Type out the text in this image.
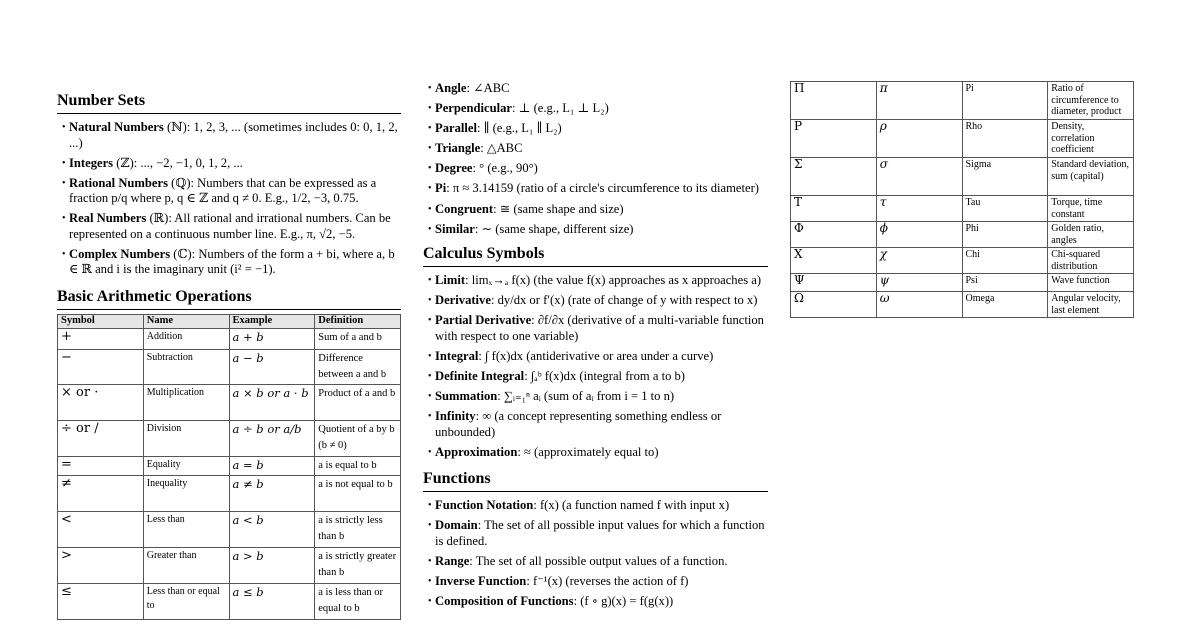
Number Sets
• Natural Numbers (ℕ): 1, 2, 3, ... (sometimes includes 0: 0, 1, 2, ...)
• Integers (ℤ): ..., −2, −1, 0, 1, 2, ...
• Rational Numbers (ℚ): Numbers that can be expressed as a fraction p/q where p, q ∈ ℤ and q ≠ 0. E.g., 1/2, −3, 0.75.
• Real Numbers (ℝ): All rational and irrational numbers. Can be represented on a continuous number line. E.g., π, √2, −5.
• Complex Numbers (ℂ): Numbers of the form a + bi, where a, b ∈ ℝ and i is the imaginary unit (i² = −1).
Basic Arithmetic Operations
Symbol	Name	Example	Definition
+	Addition	a + b	Sum of a and b
−	Subtraction	a − b	Difference between a and b
× or ·	Multiplication	a × b or a · b	Product of a and b
÷ or /	Division	a ÷ b or a/b	Quotient of a by b (b ≠ 0)
=	Equality	a = b	a is equal to b
≠	Inequality	a ≠ b	a is not equal to b
<	Less than	a < b	a is strictly less than b
>	Greater than	a > b	a is strictly greater than b
≤	Less than or equal to	a ≤ b	a is less than or equal to b
• Angle: ∠ABC
• Perpendicular: ⊥ (e.g., L₁ ⊥ L₂)
• Parallel: ∥ (e.g., L₁ ∥ L₂)
• Triangle: △ABC
• Degree: ° (e.g., 90°)
• Pi: π ≈ 3.14159 (ratio of a circle's circumference to its diameter)
• Congruent: ≅ (same shape and size)
• Similar: ∼ (same shape, different size)
Calculus Symbols
• Limit: limₓ→ₐ f(x) (the value f(x) approaches as x approaches a)
• Derivative: dy/dx or f′(x) (rate of change of y with respect to x)
• Partial Derivative: ∂f/∂x (derivative of a multi-variable function with respect to one variable)
• Integral: ∫ f(x)dx (antiderivative or area under a curve)
• Definite Integral: ∫ₐᵇ f(x)dx (integral from a to b)
• Summation: ∑ᵢ₌₁ⁿ aᵢ (sum of aᵢ from i = 1 to n)
• Infinity: ∞ (a concept representing something endless or unbounded)
• Approximation: ≈ (approximately equal to)
Functions
• Function Notation: f(x) (a function named f with input x)
• Domain: The set of all possible input values for which a function is defined.
• Range: The set of all possible output values of a function.
• Inverse Function: f⁻¹(x) (reverses the action of f)
• Composition of Functions: (f ∘ g)(x) = f(g(x))
Π	π	Pi	Ratio of circumference to diameter, product
P	ρ	Rho	Density, correlation coefficient
Σ	σ	Sigma	Standard deviation, sum (capital)
T	τ	Tau	Torque, time constant
Φ	ϕ	Phi	Golden ratio, angles
X	χ	Chi	Chi-squared distribution
Ψ	ψ	Psi	Wave function
Ω	ω	Omega	Angular velocity, last element
